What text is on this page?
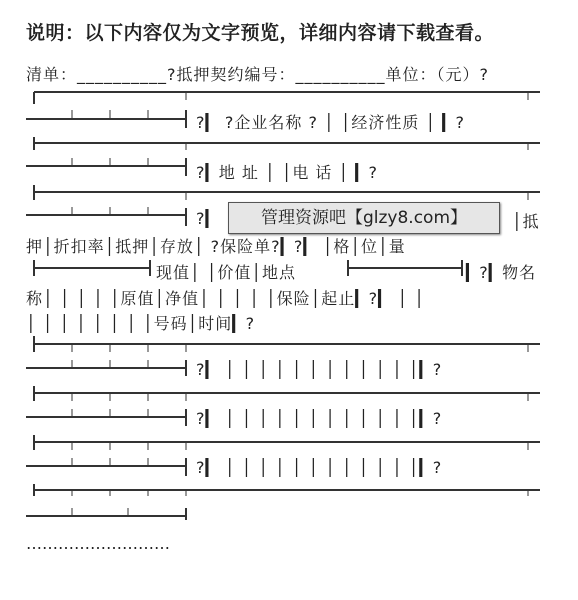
说明：以下内容仅为文字预览，详细内容请下载查看。
清单：__________?抵押契约编号：__________单位：（元）?
?▎ ?企业名称 ? │ │经济性质 │ ▎?
?▎地 址 │ │电 话 │ ▎?
?▎	│抵
押│折扣率│抵押│存放│ ?保险单?▎?▎ │格│位│量
现值│ │价值│地点	▎?▎物名
称│ │ │ │ │原值│净值│ │ │ │ │保险│起止▎?▎ │ │
│ │ │ │ │ │ │ │号码│时间▎?
?▎ │ │ │ │ │ │ │ │ │ │ │ │▎?
?▎ │ │ │ │ │ │ │ │ │ │ │ │▎?
?▎ │ │ │ │ │ │ │ │ │ │ │ │▎?
管理资源吧【glzy8.com】
………………………
